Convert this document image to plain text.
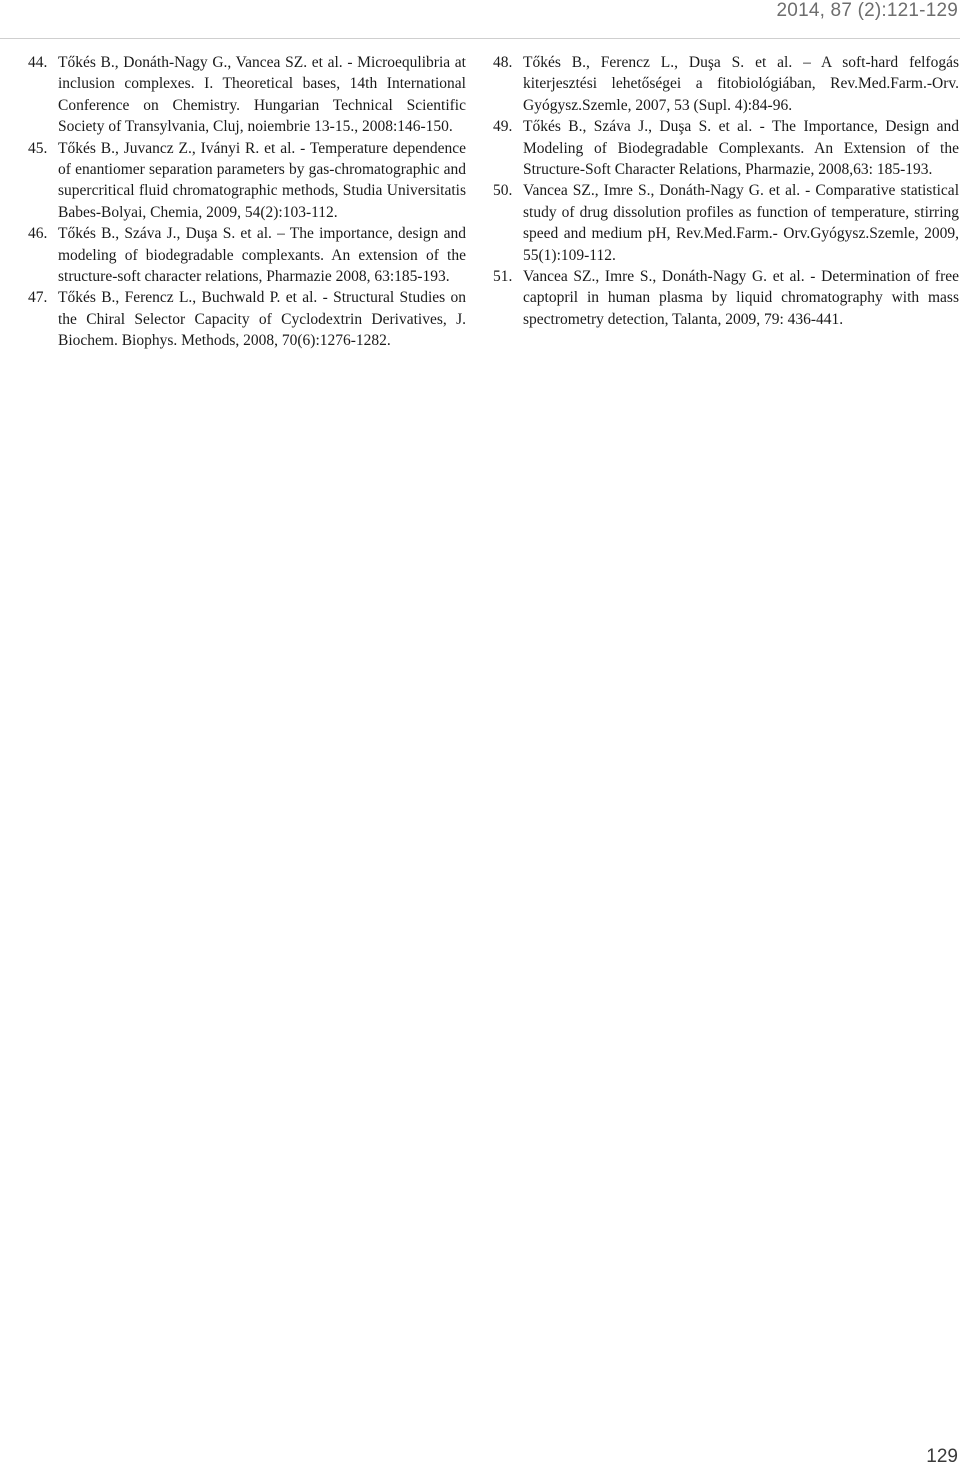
2014, 87 (2):121-129
44. Tőkés B., Donáth-Nagy G., Vancea SZ. et al. - Microequlibria at inclusion complexes. I. Theoretical bases, 14th International Conference on Chemistry. Hungarian Technical Scientific Society of Transylvania, Cluj, noiembrie 13-15., 2008:146-150.
45. Tőkés B., Juvancz Z., Iványi R. et al. - Temperature dependence of enantiomer separation parameters by gas-chromatographic and supercritical fluid chromatographic methods, Studia Universitatis Babes-Bolyai, Chemia, 2009, 54(2):103-112.
46. Tőkés B., Száva J., Duşa S. et al. – The importance, design and modeling of biodegradable complexants. An extension of the structure-soft character relations, Pharmazie 2008, 63:185-193.
47. Tőkés B., Ferencz L., Buchwald P. et al. - Structural Studies on the Chiral Selector Capacity of Cyclodextrin Derivatives, J. Biochem. Biophys. Methods, 2008, 70(6):1276-1282.
48. Tőkés B., Ferencz L., Duşa S. et al. – A soft-hard felfogás kiterjesztési lehetőségei a fitobiológiában, Rev.Med.Farm.-Orv. Gyógysz.Szemle, 2007, 53 (Supl. 4):84-96.
49. Tőkés B., Száva J., Duşa S. et al. - The Importance, Design and Modeling of Biodegradable Complexants. An Extension of the Structure-Soft Character Relations, Pharmazie, 2008,63: 185-193.
50. Vancea SZ., Imre S., Donáth-Nagy G. et al. - Comparative statistical study of drug dissolution profiles as function of temperature, stirring speed and medium pH, Rev.Med.Farm.- Orv.Gyógysz.Szemle, 2009, 55(1):109-112.
51. Vancea SZ., Imre S., Donáth-Nagy G. et al. - Determination of free captopril in human plasma by liquid chromatography with mass spectrometry detection, Talanta, 2009, 79: 436-441.
129
